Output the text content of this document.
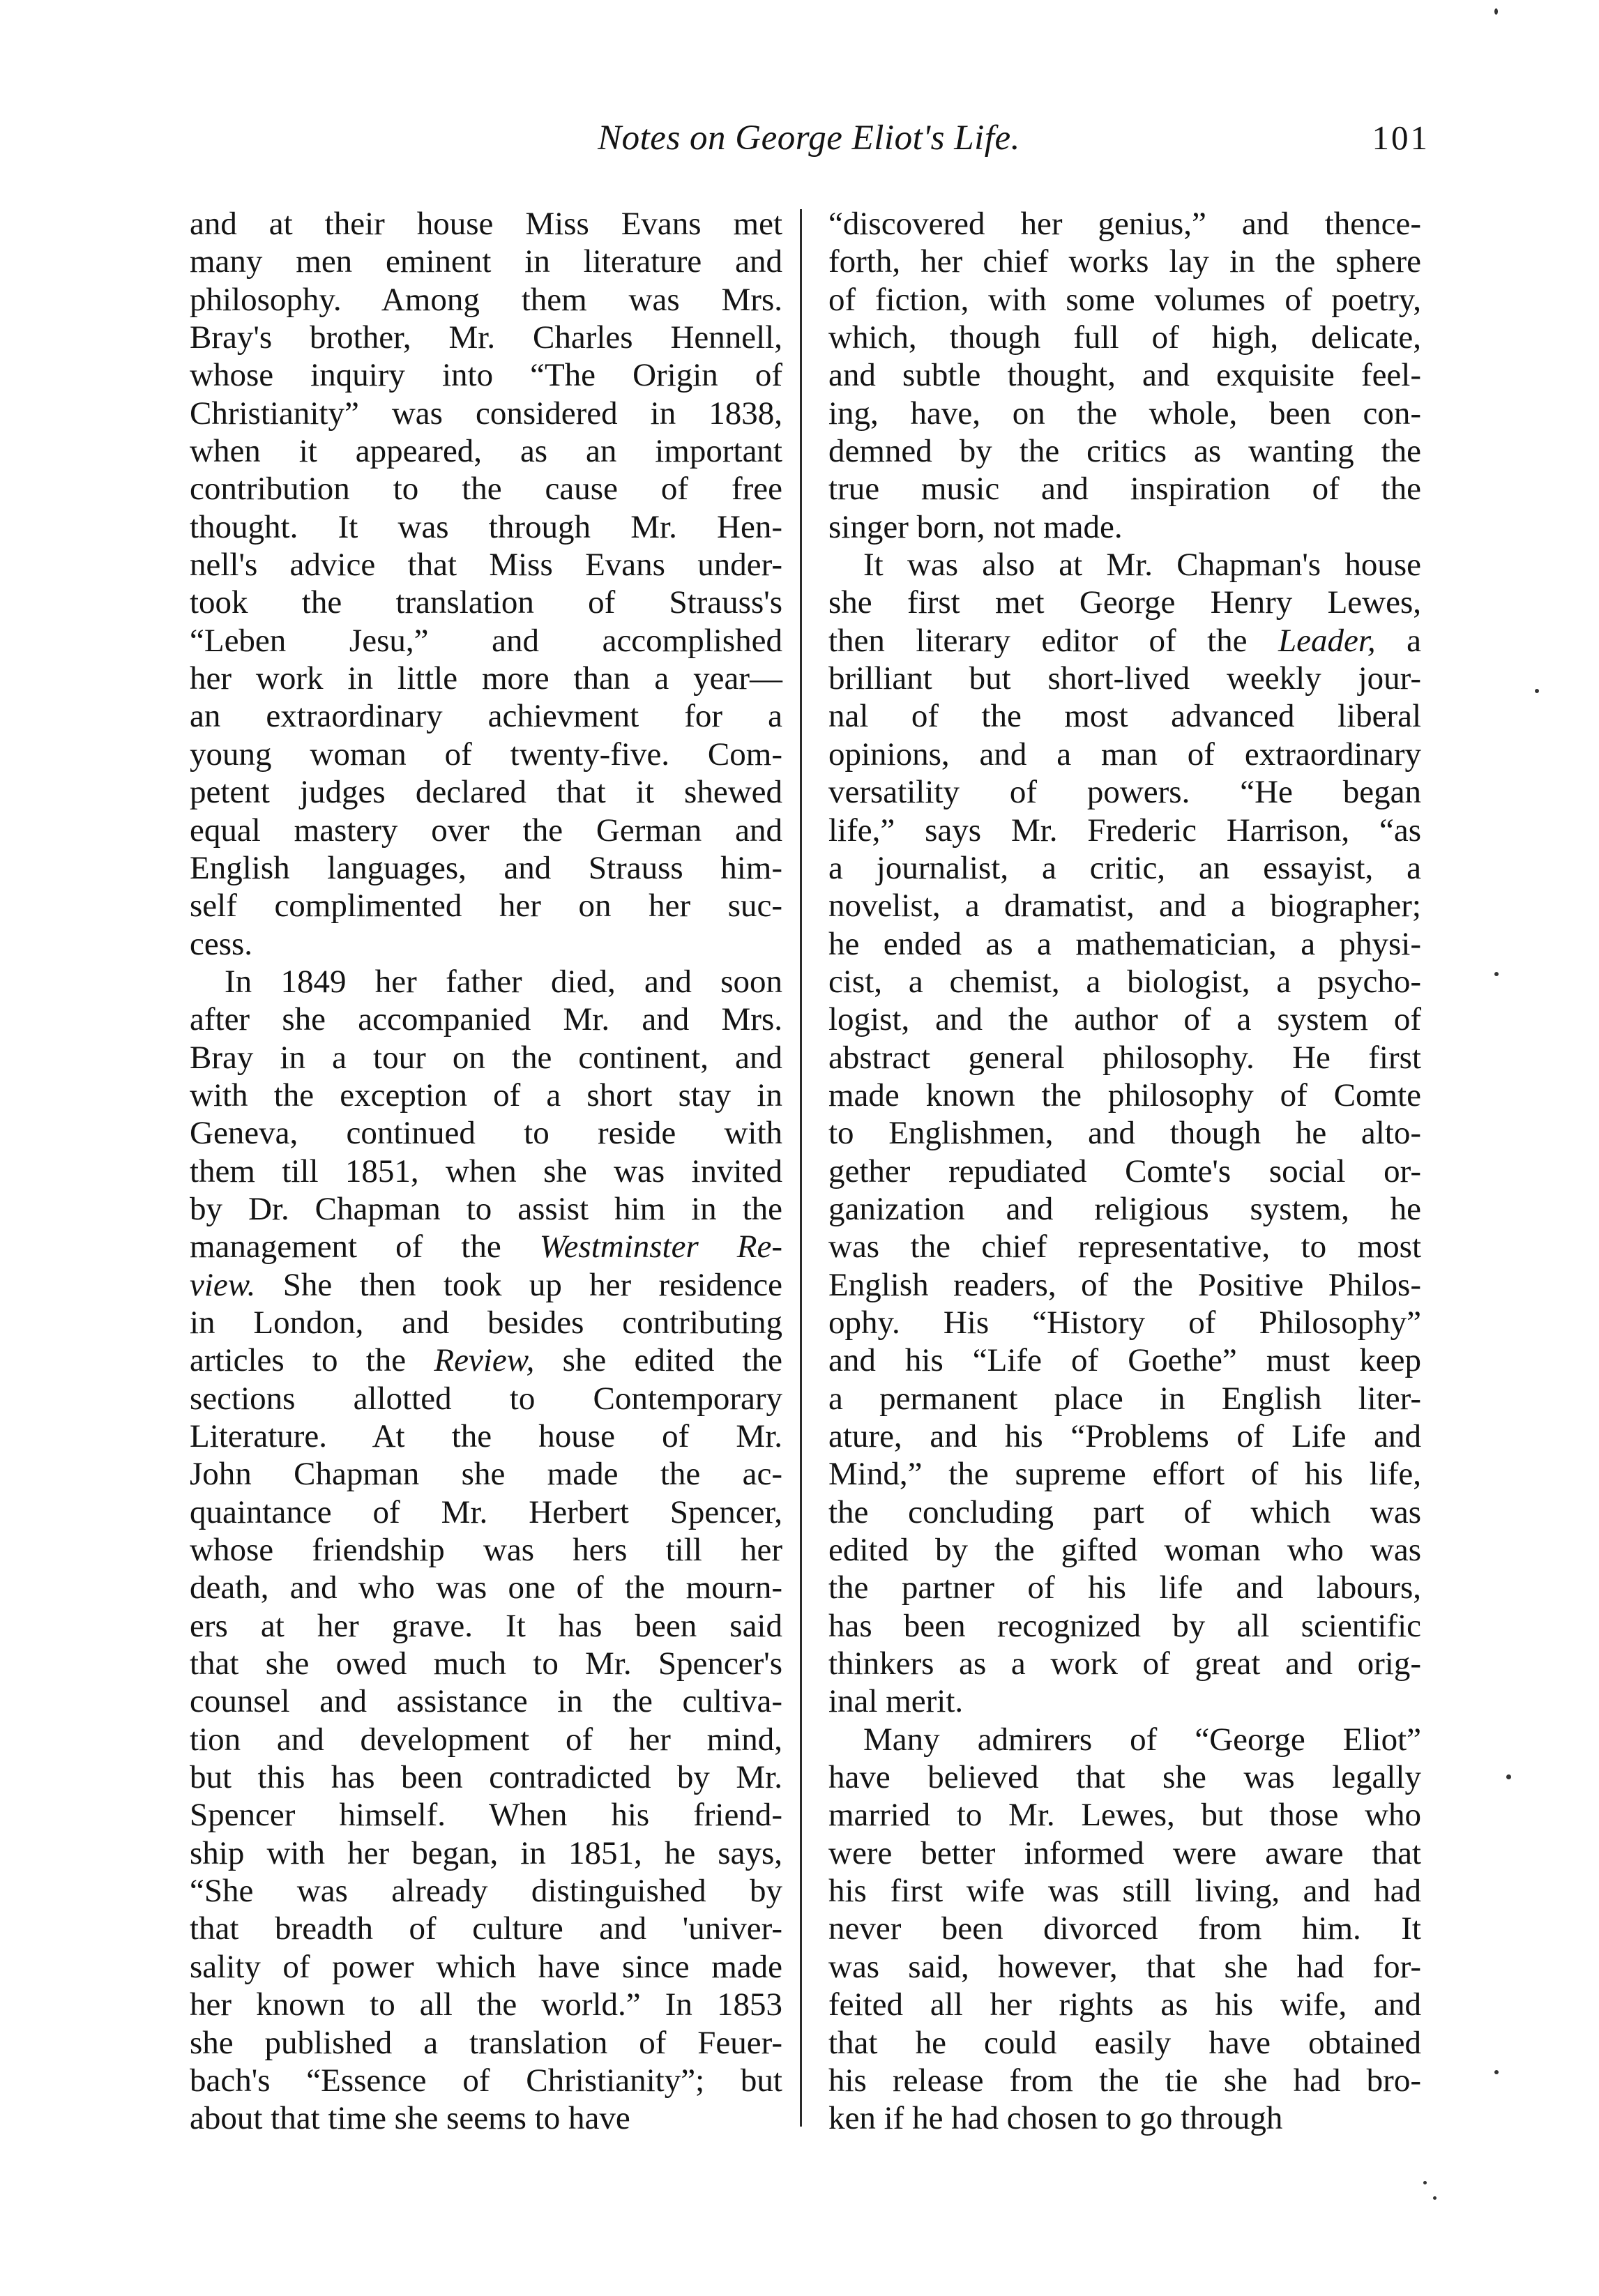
Notes on George Eliot's Life.	101
and at their house Miss Evans met
many men eminent in literature and
philosophy. Among them was Mrs.
Bray's brother, Mr. Charles Hennell,
whose inquiry into “The Origin of
Christianity” was considered in 1838,
when it appeared, as an important
contribution to the cause of free
thought. It was through Mr. Hen-
nell's advice that Miss Evans under-
took the translation of Strauss's
“Leben Jesu,” and accomplished
her work in little more than a year—
an extraordinary achievment for a
young woman of twenty-five. Com-
petent judges declared that it shewed
equal mastery over the German and
English languages, and Strauss him-
self complimented her on her suc-
cess.
In 1849 her father died, and soon
after she accompanied Mr. and Mrs.
Bray in a tour on the continent, and
with the exception of a short stay in
Geneva, continued to reside with
them till 1851, when she was invited
by Dr. Chapman to assist him in the
management of the Westminster Re-
view. She then took up her residence
in London, and besides contributing
articles to the Review, she edited the
sections allotted to Contemporary
Literature. At the house of Mr.
John Chapman she made the ac-
quaintance of Mr. Herbert Spencer,
whose friendship was hers till her
death, and who was one of the mourn-
ers at her grave. It has been said
that she owed much to Mr. Spencer's
counsel and assistance in the cultiva-
tion and development of her mind,
but this has been contradicted by Mr.
Spencer himself. When his friend-
ship with her began, in 1851, he says,
“She was already distinguished by
that breadth of culture and 'univer-
sality of power which have since made
her known to all the world.” In 1853
she published a translation of Feuer-
bach's “Essence of Christianity”; but
about that time she seems to have
“discovered her genius,” and thence-
forth, her chief works lay in the sphere
of fiction, with some volumes of poetry,
which, though full of high, delicate,
and subtle thought, and exquisite feel-
ing, have, on the whole, been con-
demned by the critics as wanting the
true music and inspiration of the
singer born, not made.
It was also at Mr. Chapman's house
she first met George Henry Lewes,
then literary editor of the Leader, a
brilliant but short-lived weekly jour-
nal of the most advanced liberal
opinions, and a man of extraordinary
versatility of powers. “He began
life,” says Mr. Frederic Harrison, “as
a journalist, a critic, an essayist, a
novelist, a dramatist, and a biographer;
he ended as a mathematician, a physi-
cist, a chemist, a biologist, a psycho-
logist, and the author of a system of
abstract general philosophy. He first
made known the philosophy of Comte
to Englishmen, and though he alto-
gether repudiated Comte's social or-
ganization and religious system, he
was the chief representative, to most
English readers, of the Positive Philos-
ophy. His “History of Philosophy”
and his “Life of Goethe” must keep
a permanent place in English liter-
ature, and his “Problems of Life and
Mind,” the supreme effort of his life,
the concluding part of which was
edited by the gifted woman who was
the partner of his life and labours,
has been recognized by all scientific
thinkers as a work of great and orig-
inal merit.
Many admirers of “George Eliot”
have believed that she was legally
married to Mr. Lewes, but those who
were better informed were aware that
his first wife was still living, and had
never been divorced from him. It
was said, however, that she had for-
feited all her rights as his wife, and
that he could easily have obtained
his release from the tie she had bro-
ken if he had chosen to go through
